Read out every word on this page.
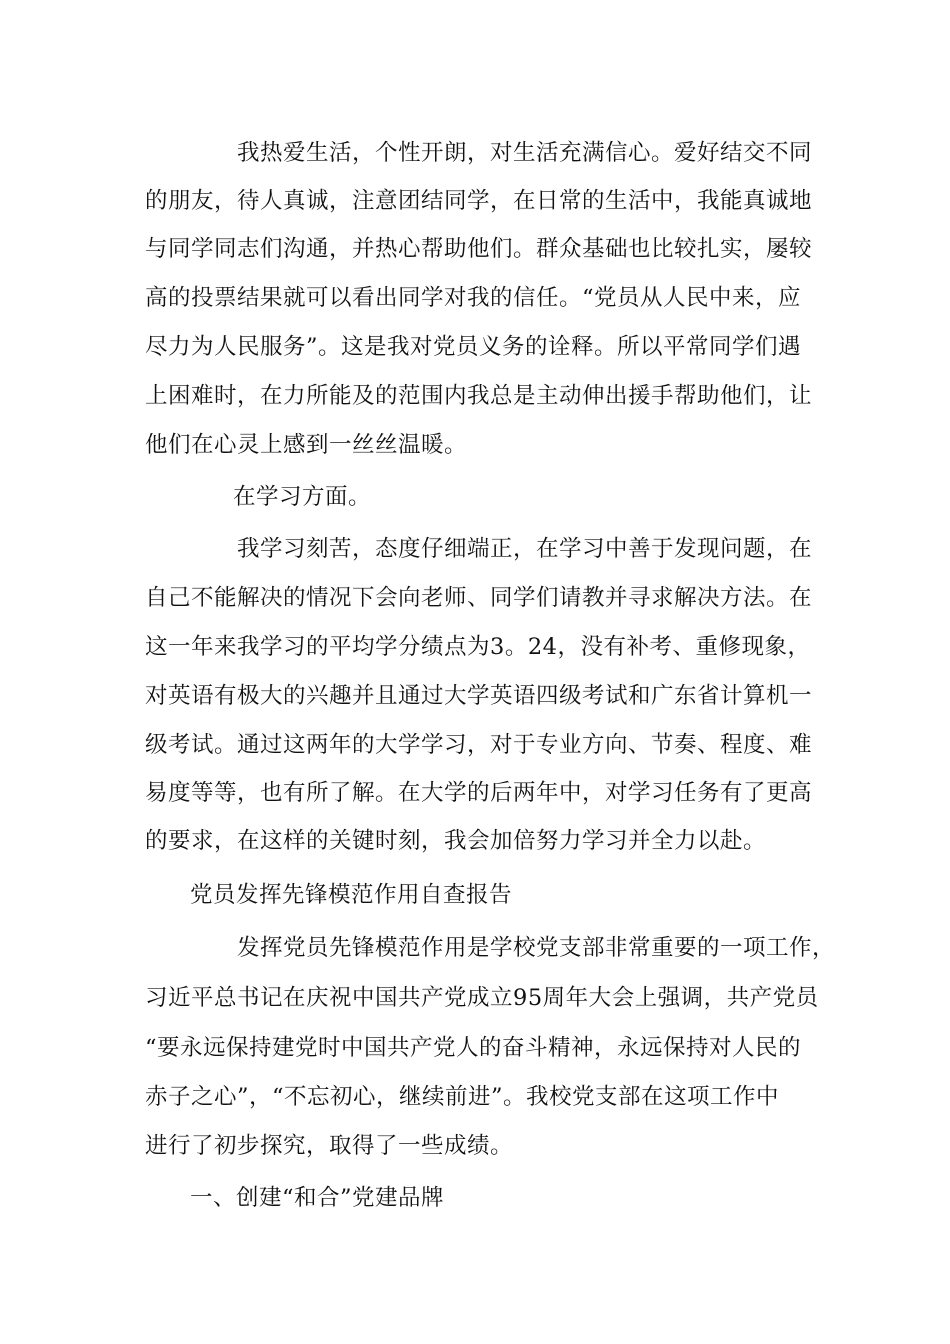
我热爱生活，个性开朗，对生活充满信心。爱好结交不同
的朋友，待人真诚，注意团结同学，在日常的生活中，我能真诚地
与同学同志们沟通，并热心帮助他们。群众基础也比较扎实，屡较
高的投票结果就可以看出同学对我的信任。“党员从人民中来，应
尽力为人民服务”。这是我对党员义务的诠释。所以平常同学们遇
上困难时，在力所能及的范围内我总是主动伸出援手帮助他们，让
他们在心灵上感到一丝丝温暖。
在学习方面。
我学习刻苦，态度仔细端正，在学习中善于发现问题，在
自己不能解决的情况下会向老师、同学们请教并寻求解决方法。在
这一年来我学习的平均学分绩点为3。24，没有补考、重修现象，
对英语有极大的兴趣并且通过大学英语四级考试和广东省计算机一
级考试。通过这两年的大学学习，对于专业方向、节奏、程度、难
易度等等，也有所了解。在大学的后两年中，对学习任务有了更高
的要求，在这样的关键时刻，我会加倍努力学习并全力以赴。
党员发挥先锋模范作用自查报告
发挥党员先锋模范作用是学校党支部非常重要的一项工作，
习近平总书记在庆祝中国共产党成立95周年大会上强调，共产党员
“要永远保持建党时中国共产党人的奋斗精神，永远保持对人民的
赤子之心”，“不忘初心，继续前进”。我校党支部在这项工作中
进行了初步探究，取得了一些成绩。
一、创建“和合”党建品牌
